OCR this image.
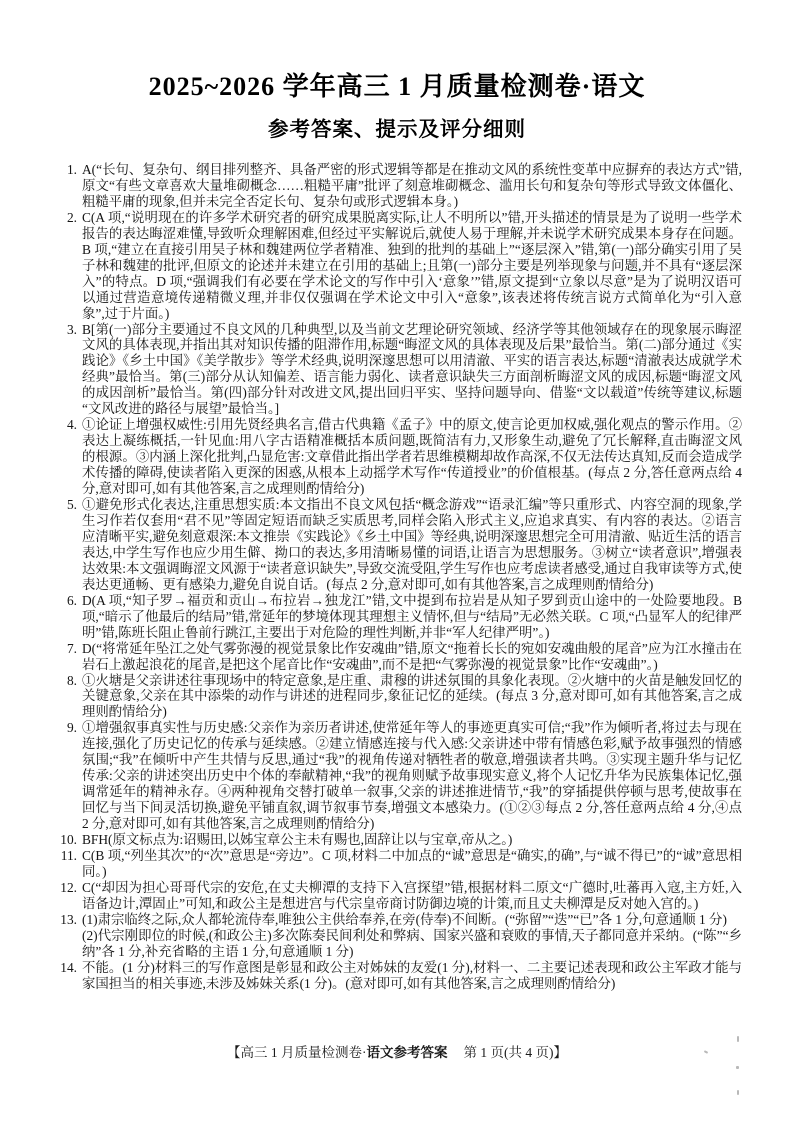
2025~2026 学年高三 1 月质量检测卷·语文
参考答案、提示及评分细则
1. A(“长句、复杂句、纲目排列整齐、具备严密的形式逻辑等都是在推动文风的系统性变革中应摒弃的表达方式”错,原文“有些文章喜欢大量堆砌概念……粗糙平庸”批评了刻意堆砌概念、滥用长句和复杂句等形式导致文体僵化、粗糙平庸的现象,但并未完全否定长句、复杂句或形式逻辑本身。)

2. C(A 项,“说明现在的许多学术研究者的研究成果脱离实际,让人不明所以”错,开头描述的情景是为了说明一些学术报告的表达晦涩难懂,导致听众理解困难,但经过平实解说后,就使人易于理解,并未说学术研究成果本身存在问题。B 项,“建立在直接引用吴子林和魏建两位学者精准、独到的批判的基础上”“逐层深入”错,第(一)部分确实引用了吴子林和魏建的批评,但原文的论述并未建立在引用的基础上;且第(一)部分主要是列举现象与问题,并不具有“逐层深入”的特点。D 项,“强调我们有必要在学术论文的写作中引入‘意象’”错,原文提到“立象以尽意”是为了说明汉语可以通过营造意境传递精微义理,并非仅仅强调在学术论文中引入“意象”,该表述将传统言说方式简单化为“引入意象”,过于片面。)

3. B[第(一)部分主要通过不良文风的几种典型,以及当前文艺理论研究领域、经济学等其他领域存在的现象展示晦涩文风的具体表现,并指出其对知识传播的阻滞作用,标题“晦涩文风的具体表现及后果”最恰当。第(二)部分通过《实践论》《乡土中国》《美学散步》等学术经典,说明深邃思想可以用清澈、平实的语言表达,标题“清澈表达成就学术经典”最恰当。第(三)部分从认知偏差、语言能力弱化、读者意识缺失三方面剖析晦涩文风的成因,标题“晦涩文风的成因剖析”最恰当。第(四)部分针对改进文风,提出回归平实、坚持问题导向、借鉴“文以载道”传统等建议,标题“文风改进的路径与展望”最恰当。]

4. ①论证上增强权威性:引用先贤经典名言,借古代典籍《孟子》中的原文,使言论更加权威,强化观点的警示作用。②表达上凝练概括,一针见血:用八字古语精准概括本质问题,既简洁有力,又形象生动,避免了冗长解释,直击晦涩文风的根源。③内涵上深化批判,凸显危害:文章借此指出学者若思维模糊却故作高深,不仅无法传达真知,反而会造成学术传播的障碍,使读者陷入更深的困惑,从根本上动摇学术写作“传道授业”的价值根基。(每点 2 分,答任意两点给 4 分,意对即可,如有其他答案,言之成理则酌情给分)

5. ①避免形式化表达,注重思想实质:本文指出不良文风包括“概念游戏”“语录汇编”等只重形式、内容空洞的现象,学生习作若仅套用“君不见”等固定短语而缺乏实质思考,同样会陷入形式主义,应追求真实、有内容的表达。②语言应清晰平实,避免刻意艰深:本文推崇《实践论》《乡土中国》等经典,说明深邃思想完全可用清澈、贴近生活的语言表达,中学生写作也应少用生僻、拗口的表达,多用清晰易懂的词语,让语言为思想服务。③树立“读者意识”,增强表达效果:本文强调晦涩文风源于“读者意识缺失”,导致交流受阻,学生写作也应考虑读者感受,通过自我审读等方式,使表达更通畅、更有感染力,避免自说自话。(每点 2 分,意对即可,如有其他答案,言之成理则酌情给分)

6. D(A 项,“知子罗→福贡和贡山→布拉岩→独龙江”错,文中提到布拉岩是从知子罗到贡山途中的一处险要地段。B 项,“暗示了他最后的结局”错,常延年的梦境体现其理想主义情怀,但与“结局”无必然关联。C 项,“凸显军人的纪律严明”错,陈班长阻止鲁前行跳江,主要出于对危险的理性判断,并非“军人纪律严明”。)

7. D(“将常延年坠江之处气雾弥漫的视觉景象比作安魂曲”错,原文“拖着长长的宛如安魂曲般的尾音”应为江水撞击在岩石上激起浪花的尾音,是把这个尾音比作“安魂曲”,而不是把“气雾弥漫的视觉景象”比作“安魂曲”。)

8. ①火塘是父亲讲述往事现场中的特定意象,是庄重、肃穆的讲述氛围的具象化表现。②火塘中的火苗是触发回忆的关键意象,父亲在其中添柴的动作与讲述的进程同步,象征记忆的延续。(每点 3 分,意对即可,如有其他答案,言之成理则酌情给分)

9. ①增强叙事真实性与历史感:父亲作为亲历者讲述,使常延年等人的事迹更真实可信;“我”作为倾听者,将过去与现在连接,强化了历史记忆的传承与延续感。②建立情感连接与代入感:父亲讲述中带有情感色彩,赋予故事强烈的情感氛围;“我”在倾听中产生共情与反思,通过“我”的视角传递对牺牲者的敬意,增强读者共鸣。③实现主题升华与记忆传承:父亲的讲述突出历史中个体的奉献精神,“我”的视角则赋予故事现实意义,将个人记忆升华为民族集体记忆,强调常延年的精神永存。④两种视角交替打破单一叙事,父亲的讲述推进情节,“我”的穿插提供停顿与思考,使故事在回忆与当下间灵活切换,避免平铺直叙,调节叙事节奏,增强文本感染力。(①②③每点 2 分,答任意两点给 4 分,④点 2 分,意对即可,如有其他答案,言之成理则酌情给分)

10. BFH(原文标点为:诏赐田,以姊宝章公主未有赐也,固辞让以与宝章,帝从之。)

11. C(B 项,“列坐其次”的“次”意思是“旁边”。C 项,材料二中加点的“诚”意思是“确实,的确”,与“诚不得已”的“诚”意思相同。)

12. C(“却因为担心哥哥代宗的安危,在丈夫柳潭的支持下入宫探望”错,根据材料二原文“广德时,吐蕃再入寇,主方妊,入语备边计,潭固止”可知,和政公主是想进宫与代宗皇帝商讨防御边境的计策,而且丈夫柳潭是反对她入宫的。)

13. (1)肃宗临终之际,众人都轮流侍奉,唯独公主供给奉养,在旁(侍奉)不间断。(“弥留”“迭”“已”各 1 分,句意通顺 1 分)

(2)代宗刚即位的时候,(和政公主)多次陈奏民间利处和弊病、国家兴盛和衰败的事情,天子都同意并采纳。(“陈”“乡纳”各 1 分,补充省略的主语 1 分,句意通顺 1 分)

14. 不能。(1 分)材料三的写作意图是彰显和政公主对姊妹的友爱(1 分),材料一、二主要记述表现和政公主军政才能与家国担当的相关事迹,未涉及姊妹关系(1 分)。(意对即可,如有其他答案,言之成理则酌情给分)

【高三 1 月质量检测卷·语文参考答案 第 1 页(共 4 页)】
